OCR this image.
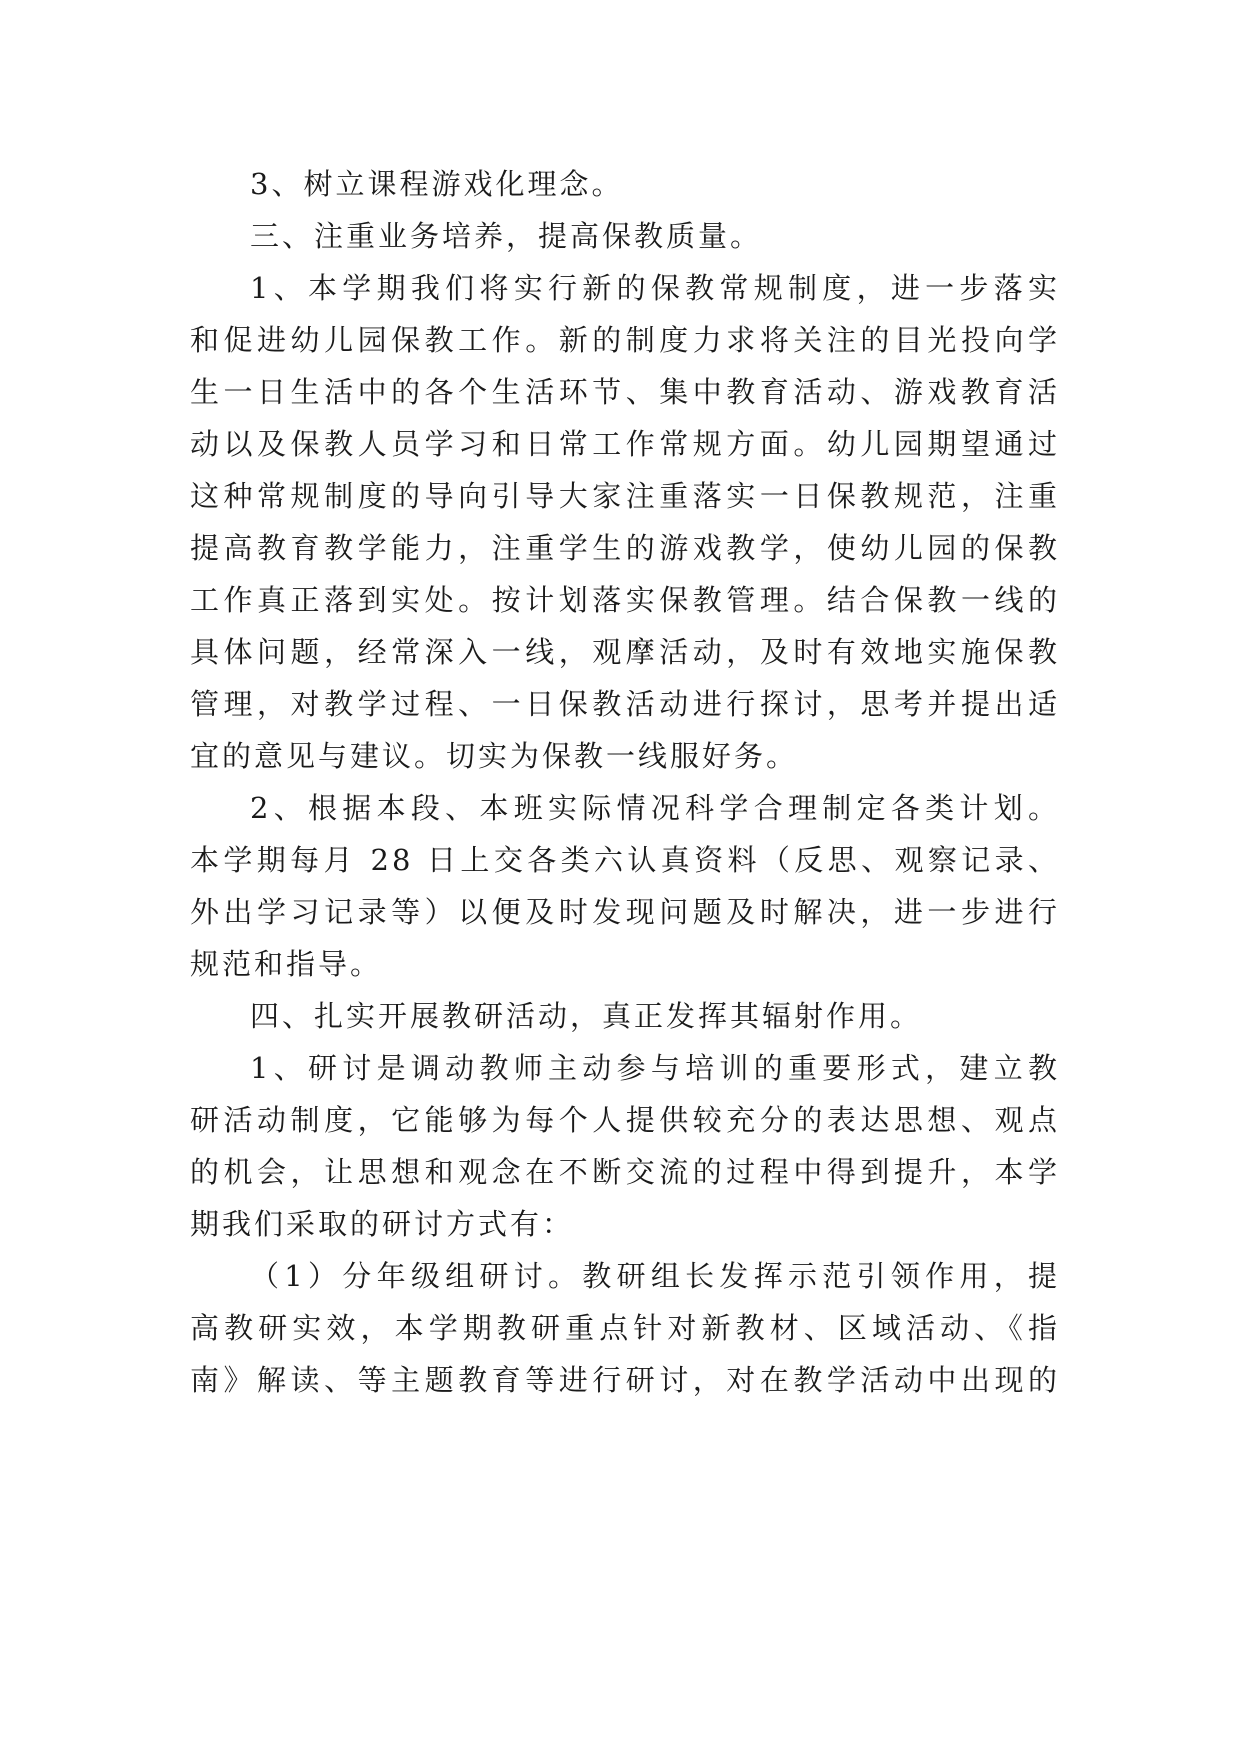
3、树立课程游戏化理念。
三、注重业务培养，提高保教质量。
1、本学期我们将实行新的保教常规制度，进一步落实
和促进幼儿园保教工作。新的制度力求将关注的目光投向学
生一日生活中的各个生活环节、集中教育活动、游戏教育活
动以及保教人员学习和日常工作常规方面。幼儿园期望通过
这种常规制度的导向引导大家注重落实一日保教规范，注重
提高教育教学能力，注重学生的游戏教学，使幼儿园的保教
工作真正落到实处。按计划落实保教管理。结合保教一线的
具体问题，经常深入一线，观摩活动，及时有效地实施保教
管理，对教学过程、一日保教活动进行探讨，思考并提出适
宜的意见与建议。切实为保教一线服好务。
2、根据本段、本班实际情况科学合理制定各类计划。
本学期每月 28 日上交各类六认真资料（反思、观察记录、
外出学习记录等）以便及时发现问题及时解决，进一步进行
规范和指导。
四、扎实开展教研活动，真正发挥其辐射作用。
1、研讨是调动教师主动参与培训的重要形式，建立教
研活动制度，它能够为每个人提供较充分的表达思想、观点
的机会，让思想和观念在不断交流的过程中得到提升，本学
期我们采取的研讨方式有：
（1）分年级组研讨。教研组长发挥示范引领作用，提
高教研实效，本学期教研重点针对新教材、区域活动、《指
南》解读、等主题教育等进行研讨，对在教学活动中出现的
